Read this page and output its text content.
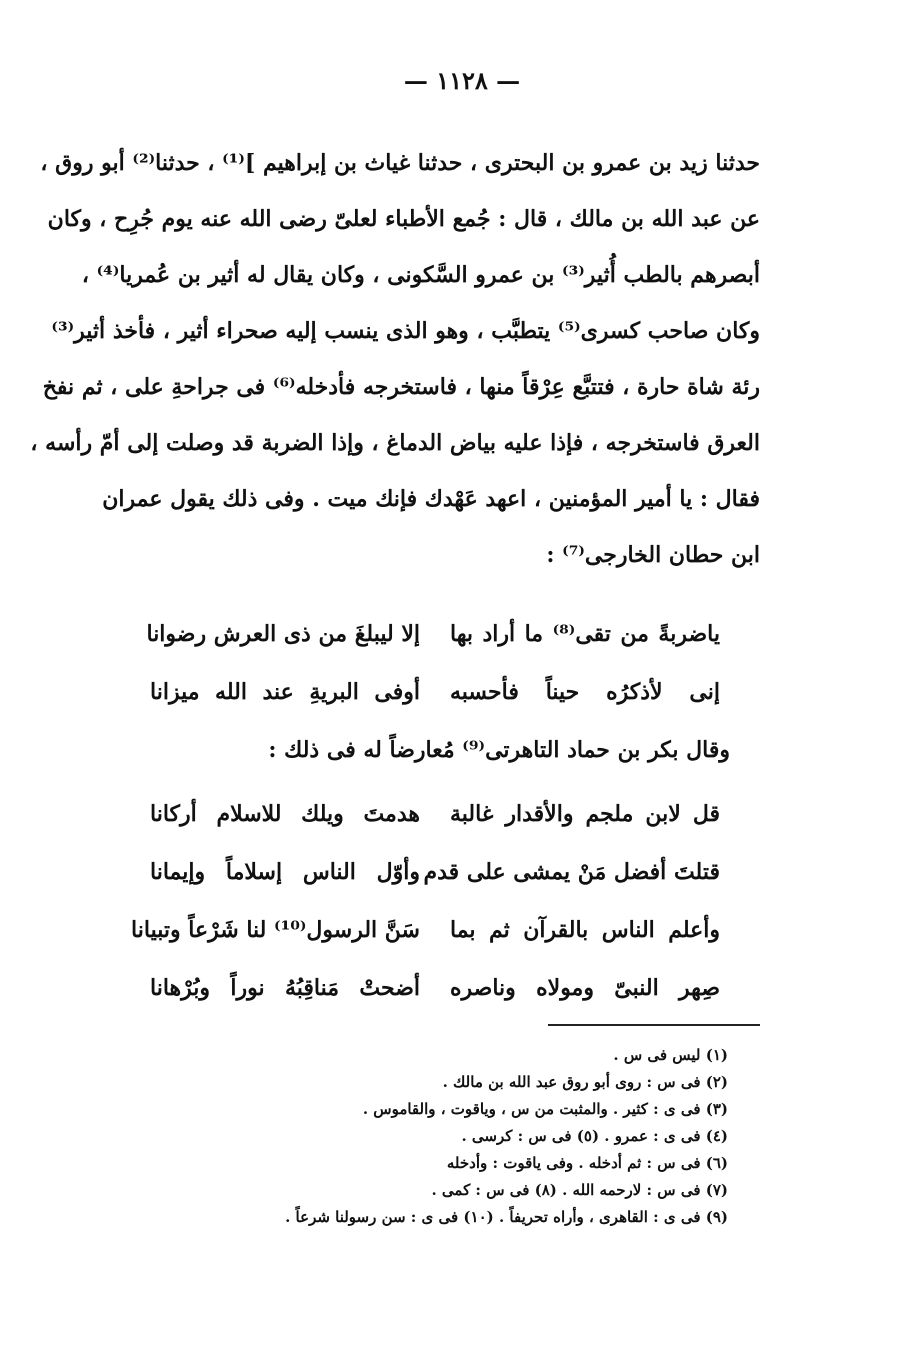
— ١١٢٨ —
حدثنا زيد بن عمرو بن البحترى ، حدثنا غياث بن إبراهيم ]⁽¹⁾ ، حدثنا⁽²⁾ أبو روق ،
عن عبد الله بن مالك ، قال : جُمع الأطباء لعلىّ رضى الله عنه يوم جُرِح ، وكان
أبصرهم بالطب أُثير⁽³⁾ بن عمرو السَّكونى ، وكان يقال له أثير بن عُمريا⁽⁴⁾ ،
وكان صاحب كسرى⁽⁵⁾ يتطبَّب ، وهو الذى ينسب إليه صحراء أثير ، فأخذ أثير⁽³⁾
رئة شاة حارة ، فتتبَّع عِرْقاً منها ، فاستخرجه فأدخله⁽⁶⁾ فى جراحةِ على ، ثم نفخ
العرق فاستخرجه ، فإذا عليه بياض الدماغ ، وإذا الضربة قد وصلت إلى أمّ رأسه ،
فقال : يا أمير المؤمنين ، اعهد عَهْدك فإنك ميت . وفى ذلك يقول عمران
ابن حطان الخارجى⁽⁷⁾ :
ياضربةً من تقى⁽⁸⁾ ما أراد بها
إلا ليبلغَ من ذى العرش رضوانا
إنى لأذكرُه حيناً فأحسبه
أوفى البريةِ عند الله ميزانا
وقال بكر بن حماد التاهرتى⁽⁹⁾ مُعارضاً له فى ذلك :
قل لابن ملجم والأقدار غالبة
هدمتَ ويلك للاسلام أركانا
قتلتَ أفضل مَنْ يمشى على قدم
وأوّل الناس إسلاماً وإيمانا
وأعلم الناس بالقرآن ثم بما
سَنَّ الرسول⁽¹⁰⁾ لنا شَرْعاً وتبيانا
صِهر النبىّ ومولاه وناصره
أضحتْ مَناقِبُهُ نوراً وبُرْهانا
(١) ليس فى س .
(٢) فى س : روى أبو روق عبد الله بن مالك .
(٣) فى ى : كثير . والمثبت من س ، وياقوت ، والقاموس .
(٤) فى ى : عمرو . (٥) فى س : كرسى .
(٦) فى س : ثم أدخله . وفى ياقوت : وأدخله
(٧) فى س : لارحمه الله . (٨) فى س : كمى .
(٩) فى ى : القاهرى ، وأراه تحريفاً . (١٠) فى ى : سن رسولنا شرعاً .
